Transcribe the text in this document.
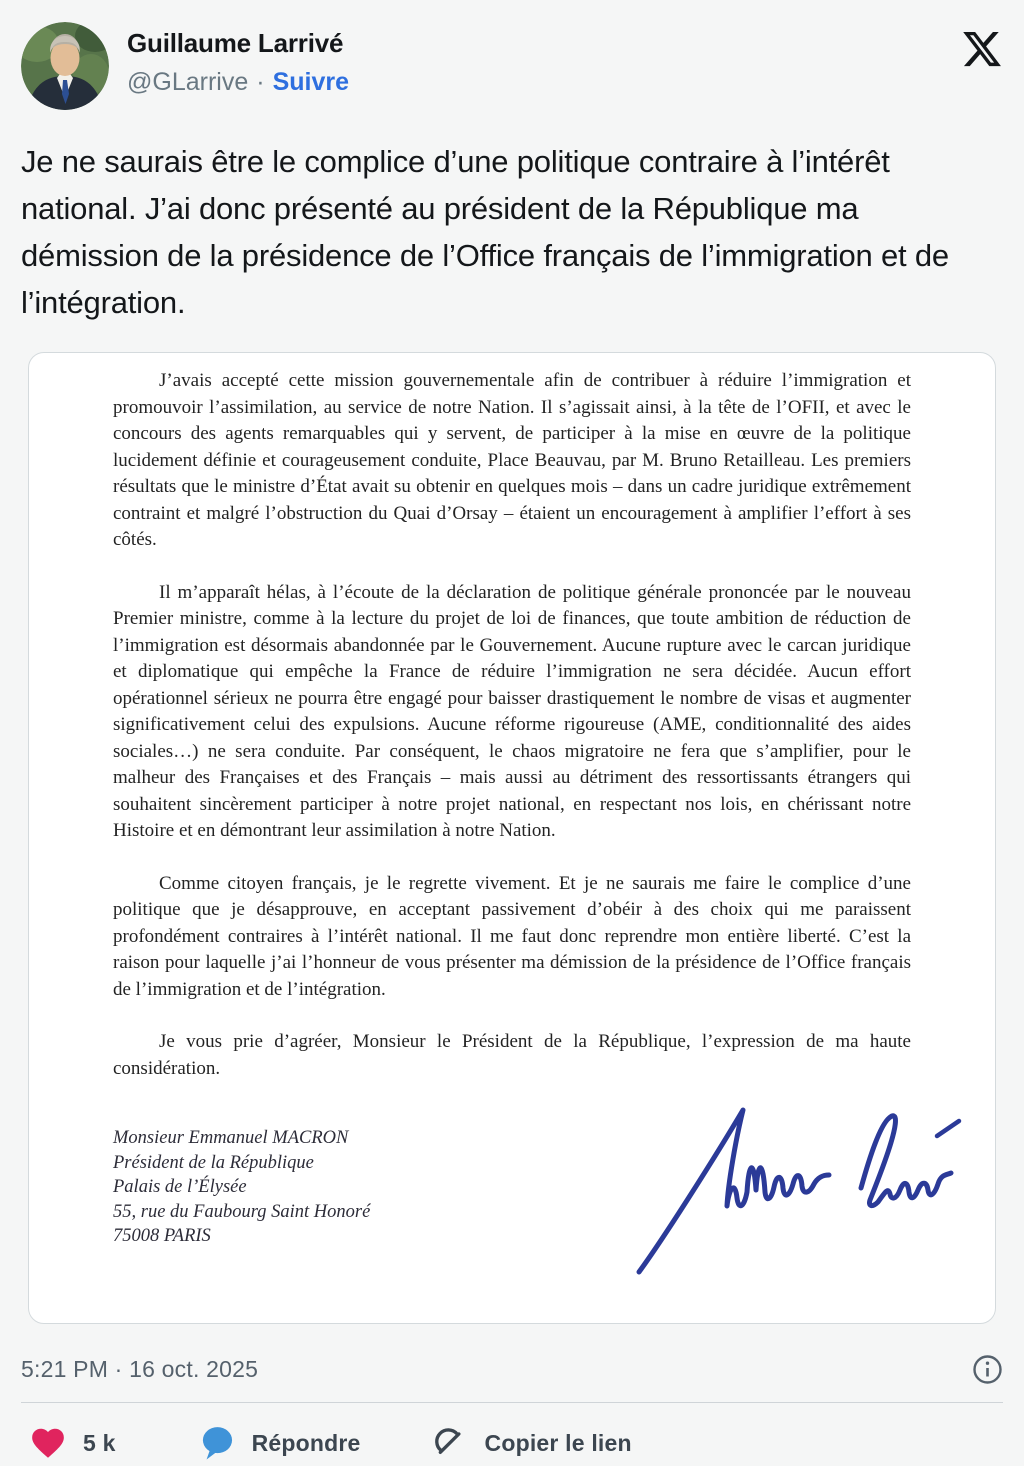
Guillaume Larrivé
@GLarrive · Suivre

Je ne saurais être le complice d’une politique contraire à l’intérêt national. J’ai donc présenté au président de la République ma démission de la présidence de l’Office français de l’immigration et de l’intégration.

J’avais accepté cette mission gouvernementale afin de contribuer à réduire l’immigration et promouvoir l’assimilation, au service de notre Nation. Il s’agissait ainsi, à la tête de l’OFII, et avec le concours des agents remarquables qui y servent, de participer à la mise en œuvre de la politique lucidement définie et courageusement conduite, Place Beauvau, par M. Bruno Retailleau. Les premiers résultats que le ministre d’État avait su obtenir en quelques mois – dans un cadre juridique extrêmement contraint et malgré l’obstruction du Quai d’Orsay – étaient un encouragement à amplifier l’effort à ses côtés.

Il m’apparaît hélas, à l’écoute de la déclaration de politique générale prononcée par le nouveau Premier ministre, comme à la lecture du projet de loi de finances, que toute ambition de réduction de l’immigration est désormais abandonnée par le Gouvernement. Aucune rupture avec le carcan juridique et diplomatique qui empêche la France de réduire l’immigration ne sera décidée. Aucun effort opérationnel sérieux ne pourra être engagé pour baisser drastiquement le nombre de visas et augmenter significativement celui des expulsions. Aucune réforme rigoureuse (AME, conditionnalité des aides sociales…) ne sera conduite. Par conséquent, le chaos migratoire ne fera que s’amplifier, pour le malheur des Françaises et des Français – mais aussi au détriment des ressortissants étrangers qui souhaitent sincèrement participer à notre projet national, en respectant nos lois, en chérissant notre Histoire et en démontrant leur assimilation à notre Nation.

Comme citoyen français, je le regrette vivement. Et je ne saurais me faire le complice d’une politique que je désapprouve, en acceptant passivement d’obéir à des choix qui me paraissent profondément contraires à l’intérêt national. Il me faut donc reprendre mon entière liberté. C’est la raison pour laquelle j’ai l’honneur de vous présenter ma démission de la présidence de l’Office français de l’immigration et de l’intégration.

Je vous prie d’agréer, Monsieur le Président de la République, l’expression de ma haute considération.

Monsieur Emmanuel MACRON
Président de la République
Palais de l’Élysée
55, rue du Faubourg Saint Honoré
75008 PARIS
5:21 PM · 16 oct. 2025
5 k	Répondre	Copier le lien
